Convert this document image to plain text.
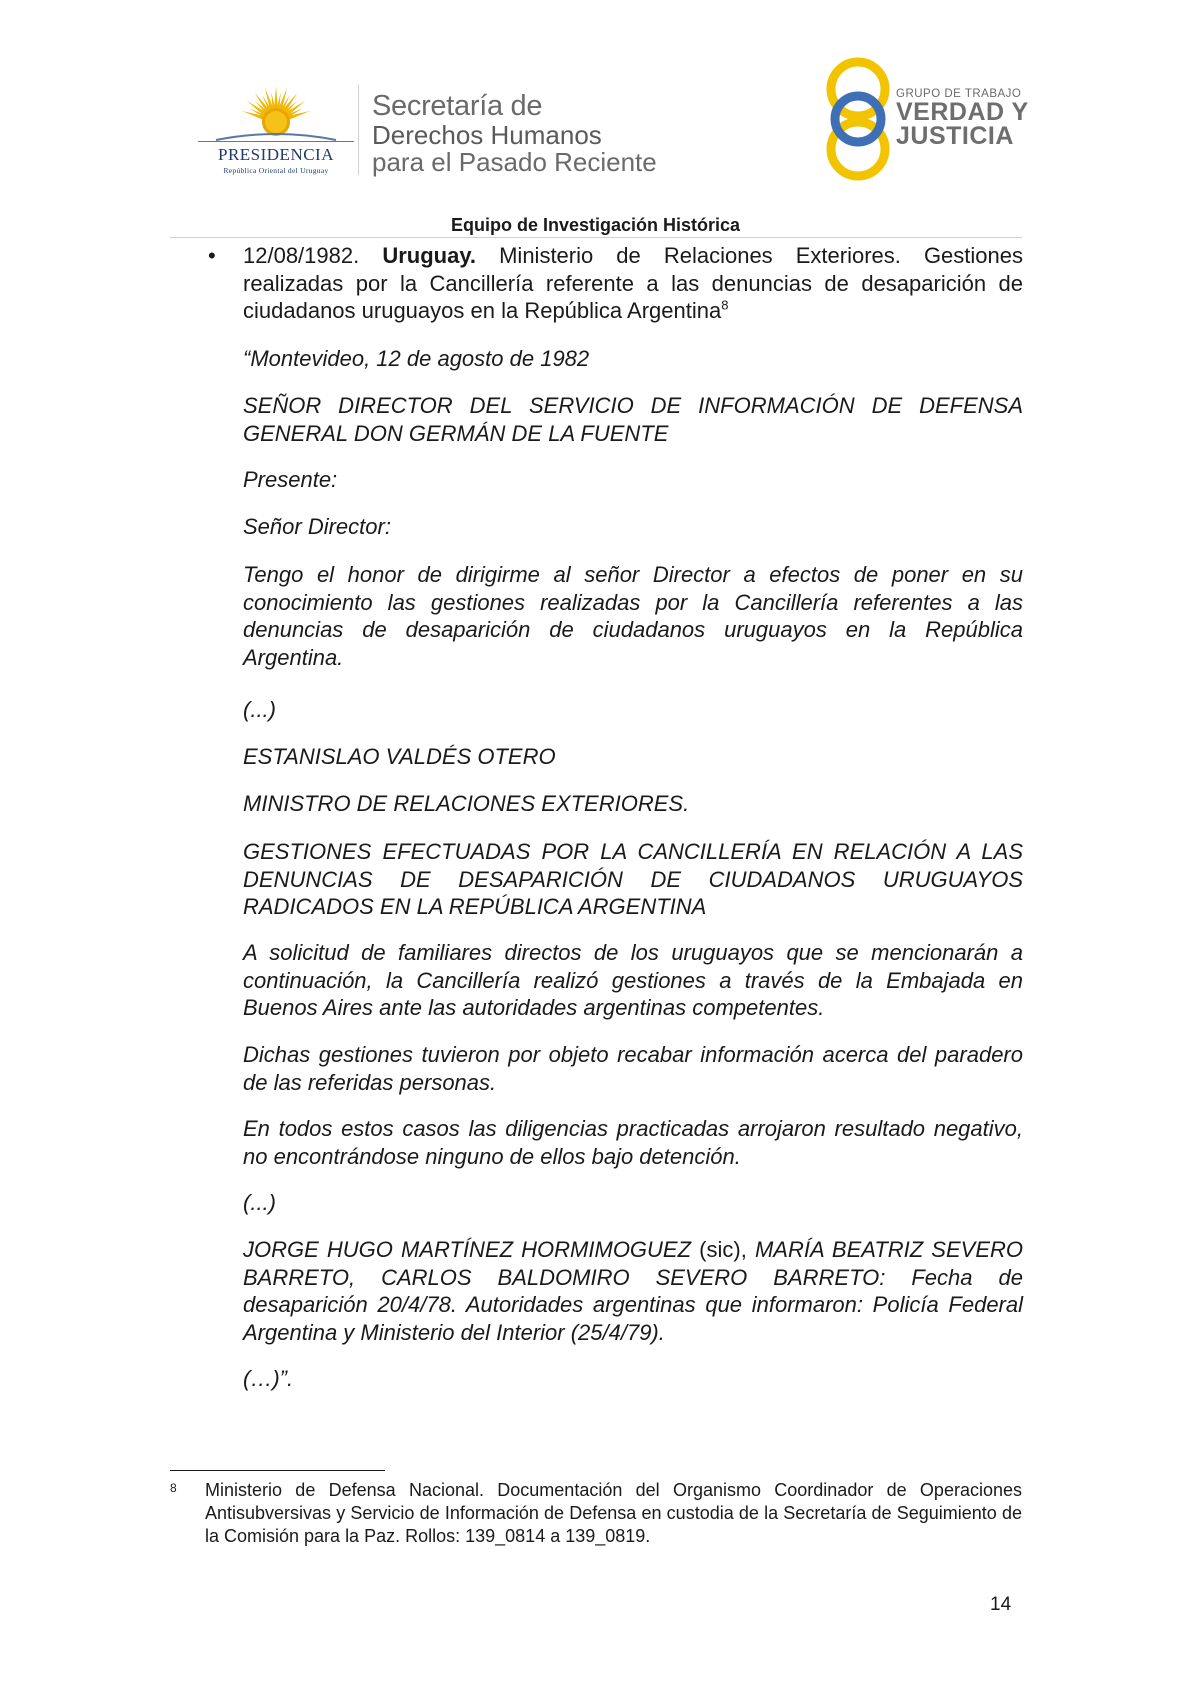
PRESIDENCIA
República Oriental del Uruguay
Secretaría de
Derechos Humanos
para el Pasado Reciente
GRUPO DE TRABAJO
VERDAD Y
JUSTICIA
Equipo de Investigación Histórica
• 12/08/1982. Uruguay. Ministerio de Relaciones Exteriores. Gestiones realizadas por la Cancillería referente a las denuncias de desaparición de ciudadanos uruguayos en la República Argentina$^8$
“Montevideo, 12 de agosto de 1982
SEÑOR DIRECTOR DEL SERVICIO DE INFORMACIÓN DE DEFENSA GENERAL DON GERMÁN DE LA FUENTE
Presente:
Señor Director:
Tengo el honor de dirigirme al señor Director a efectos de poner en su conocimiento las gestiones realizadas por la Cancillería referentes a las denuncias de desaparición de ciudadanos uruguayos en la República Argentina.
(...)
ESTANISLAO VALDÉS OTERO
MINISTRO DE RELACIONES EXTERIORES.
GESTIONES EFECTUADAS POR LA CANCILLERÍA EN RELACIÓN A LAS DENUNCIAS DE DESAPARICIÓN DE CIUDADANOS URUGUAYOS RADICADOS EN LA REPÚBLICA ARGENTINA
A solicitud de familiares directos de los uruguayos que se mencionarán a continuación, la Cancillería realizó gestiones a través de la Embajada en Buenos Aires ante las autoridades argentinas competentes.
Dichas gestiones tuvieron por objeto recabar información acerca del paradero de las referidas personas.
En todos estos casos las diligencias practicadas arrojaron resultado negativo, no encontrándose ninguno de ellos bajo detención.
(...)
JORGE HUGO MARTÍNEZ HORMIMOGUEZ (sic), MARÍA BEATRIZ SEVERO BARRETO, CARLOS BALDOMIRO SEVERO BARRETO: Fecha de desaparición 20/4/78. Autoridades argentinas que informaron: Policía Federal Argentina y Ministerio del Interior (25/4/79).
(…)”.
8 Ministerio de Defensa Nacional. Documentación del Organismo Coordinador de Operaciones Antisubversivas y Servicio de Información de Defensa en custodia de la Secretaría de Seguimiento de la Comisión para la Paz. Rollos: 139_0814 a 139_0819.
14
